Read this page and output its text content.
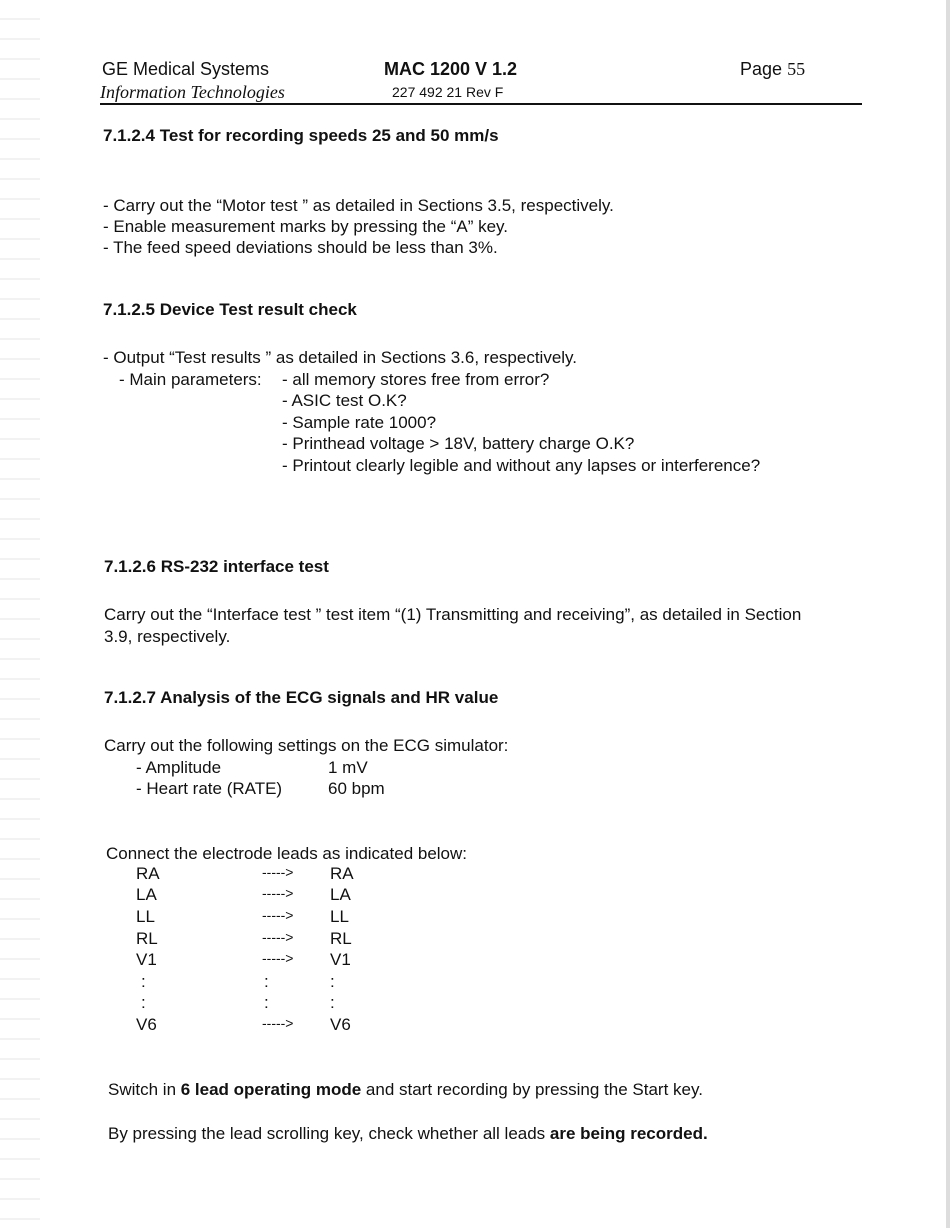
GE Medical Systems
Information Technologies
MAC 1200 V 1.2
227 492 21 Rev F
Page 55
7.1.2.4 Test for recording speeds 25 and 50 mm/s
- Carry out the “Motor test ” as detailed in Sections 3.5, respectively.
- Enable measurement marks by pressing the “A” key.
- The feed speed deviations should be less than 3%.
7.1.2.5 Device Test result check
- Output “Test results ” as detailed in Sections 3.6, respectively.
- Main parameters: - all memory stores free from error?
- ASIC test O.K?
- Sample rate 1000?
- Printhead voltage > 18V, battery charge O.K?
- Printout clearly legible and without any lapses or interference?
7.1.2.6 RS-232 interface test
Carry out the “Interface test ” test item “(1) Transmitting and receiving”, as detailed in Section
3.9, respectively.
7.1.2.7 Analysis of the ECG signals and HR value
Carry out the following settings on the ECG simulator:
- Amplitude	1 mV
- Heart rate (RATE)	60 bpm
Connect the electrode leads as indicated below:
RA	-----> RA
LA	-----> LA
LL	-----> LL
RL	-----> RL
V1	-----> V1
:	:	:
:	:	:
V6	-----> V6
Switch in 6 lead operating mode and start recording by pressing the Start key.
By pressing the lead scrolling key, check whether all leads are being recorded.
